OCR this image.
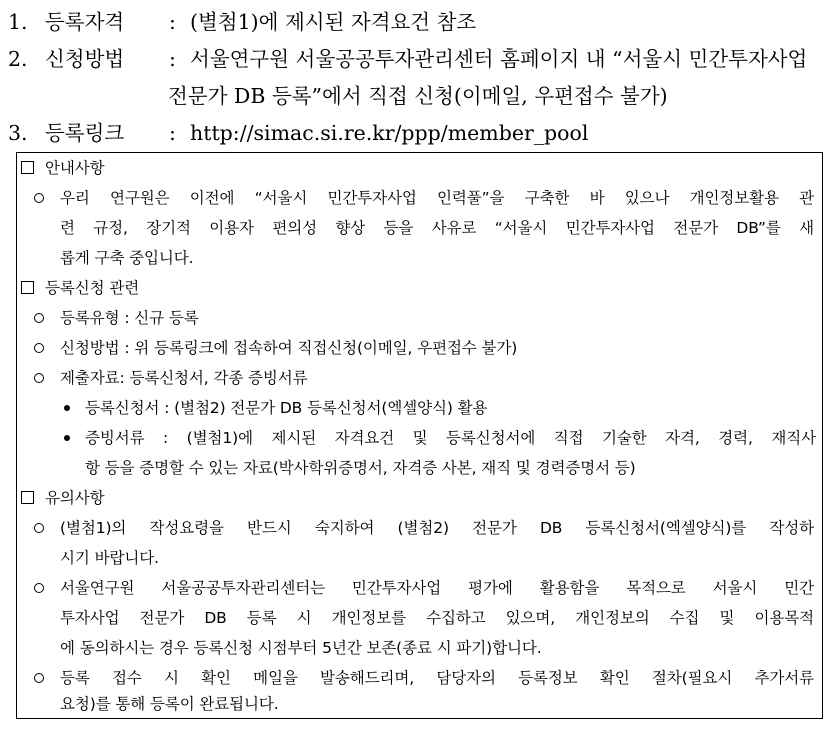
1. 등록자격 : (별첨1)에 제시된 자격요건 참조
2. 신청방법 : 서울연구원 서울공공투자관리센터 홈페이지 내 “서울시 민간투자사업
전문가 DB 등록”에서 직접 신청(이메일, 우편접수 불가)
3. 등록링크 : http://simac.si.re.kr/ppp/member_pool
안내사항
우리 연구원은 이전에 “서울시 민간투자사업 인력풀”을 구축한 바 있으나 개인정보활용 관
련 규정, 장기적 이용자 편의성 향상 등을 사유로 “서울시 민간투자사업 전문가 DB”를 새
롭게 구축 중입니다.
등록신청 관련
등록유형 : 신규 등록
신청방법 : 위 등록링크에 접속하여 직접신청(이메일, 우편접수 불가)
제출자료: 등록신청서, 각종 증빙서류
등록신청서 : (별첨2) 전문가 DB 등록신청서(엑셀양식) 활용
증빙서류 : (별첨1)에 제시된 자격요건 및 등록신청서에 직접 기술한 자격, 경력, 재직사
항 등을 증명할 수 있는 자료(박사학위증명서, 자격증 사본, 재직 및 경력증명서 등)
유의사항
(별첨1)의 작성요령을 반드시 숙지하여 (별첨2) 전문가 DB 등록신청서(엑셀양식)를 작성하
시기 바랍니다.
서울연구원 서울공공투자관리센터는 민간투자사업 평가에 활용함을 목적으로 서울시 민간
투자사업 전문가 DB 등록 시 개인정보를 수집하고 있으며, 개인정보의 수집 및 이용목적
에 동의하시는 경우 등록신청 시점부터 5년간 보존(종료 시 파기)합니다.
등록 접수 시 확인 메일을 발송해드리며, 담당자의 등록정보 확인 절차(필요시 추가서류
요청)를 통해 등록이 완료됩니다.
